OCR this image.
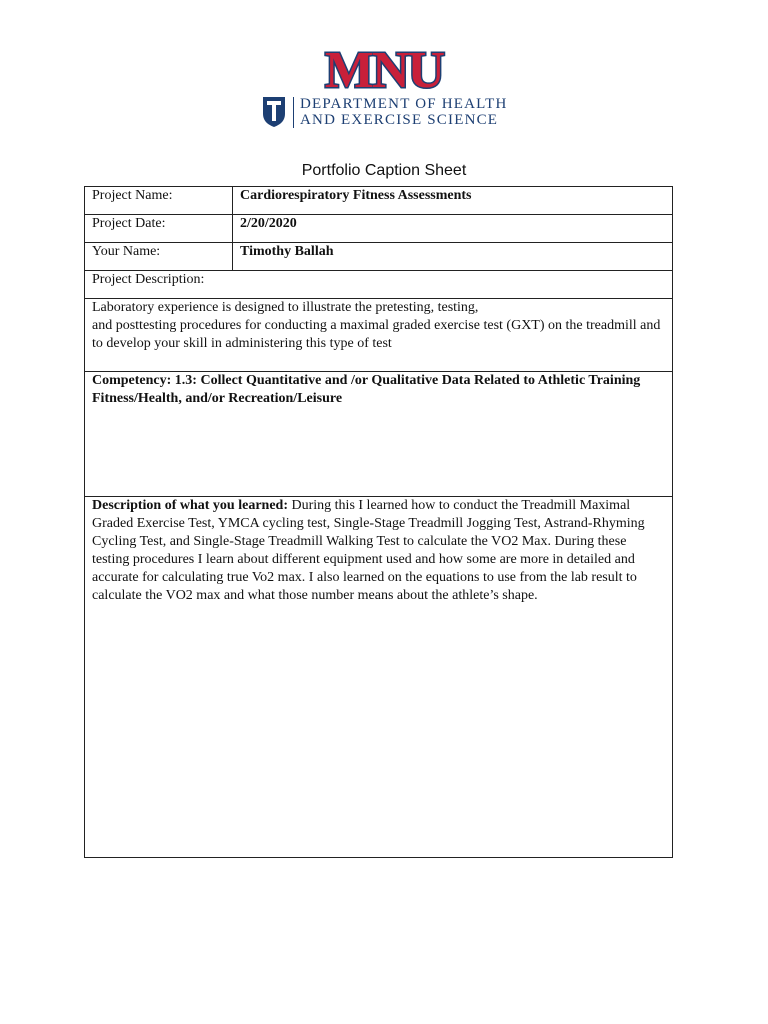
MNU
DEPARTMENT OF HEALTH
AND EXERCISE SCIENCE
Portfolio Caption Sheet
Project Name:	Cardiorespiratory Fitness Assessments
Project Date:	2/20/2020
Your Name:	Timothy Ballah
Project Description:	

Laboratory experience is designed to illustrate the pretesting, testing,

and posttesting procedures for conducting a maximal graded exercise test (GXT) on the treadmill and to develop your skill in administering this type of test	

Competency: 1.3: Collect Quantitative and /or Qualitative Data Related to Athletic Training Fitness/Health, and/or Recreation/Leisure	
Description of what you learned: During this I learned how to conduct the Treadmill Maximal Graded Exercise Test, YMCA cycling test, Single-Stage Treadmill Jogging Test, Astrand-Rhyming Cycling Test, and Single-Stage Treadmill Walking Test to calculate the VO2 Max. During these testing procedures I learn about different equipment used and how some are more in detailed and accurate for calculating true Vo2 max. I also learned on the equations to use from the lab result to calculate the VO2 max and what those number means about the athlete’s shape.	
